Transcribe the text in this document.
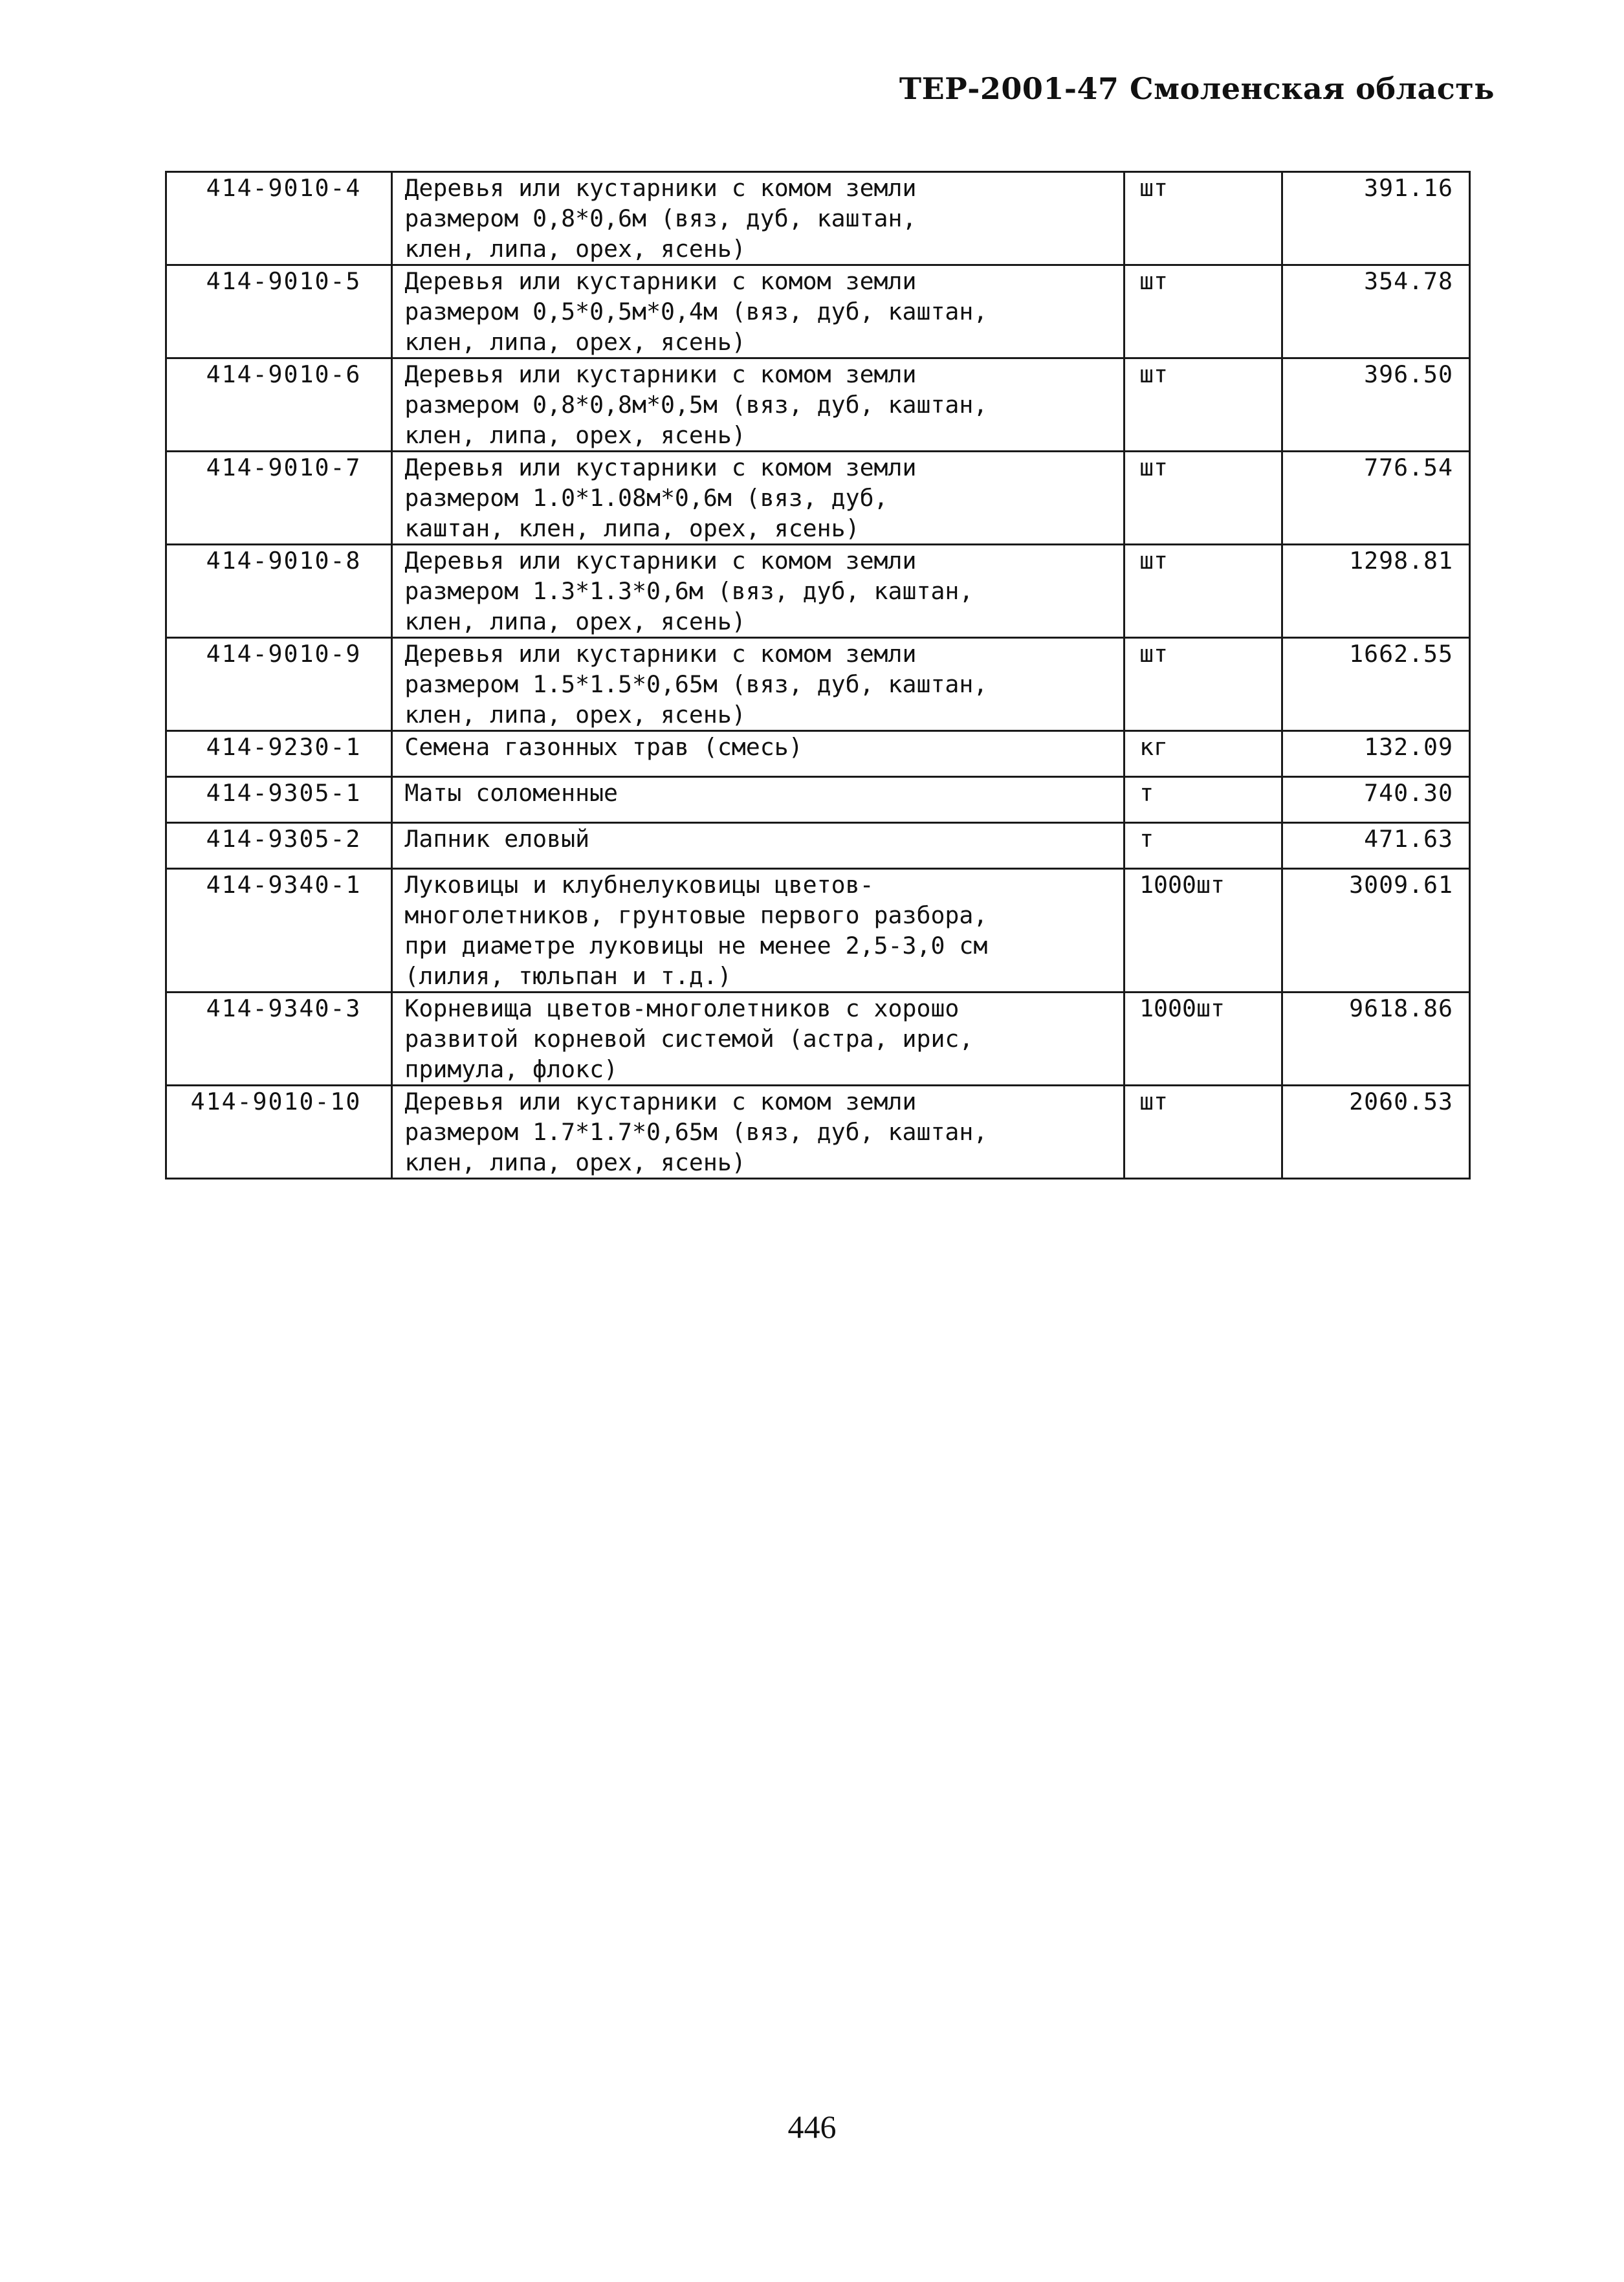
ТЕР-2001-47 Смоленская область
414-9010-4	Деревья или кустарники с комом земли
размером 0,8*0,6м (вяз, дуб, каштан,
клен, липа, орех, ясень)	шт	391.16
414-9010-5	Деревья или кустарники с комом земли
размером 0,5*0,5м*0,4м (вяз, дуб, каштан,
клен, липа, орех, ясень)	шт	354.78
414-9010-6	Деревья или кустарники с комом земли
размером 0,8*0,8м*0,5м (вяз, дуб, каштан,
клен, липа, орех, ясень)	шт	396.50
414-9010-7	Деревья или кустарники с комом земли
размером 1.0*1.08м*0,6м (вяз, дуб,
каштан, клен, липа, орех, ясень)	шт	776.54
414-9010-8	Деревья или кустарники с комом земли
размером 1.3*1.3*0,6м (вяз, дуб, каштан,
клен, липа, орех, ясень)	шт	1298.81
414-9010-9	Деревья или кустарники с комом земли
размером 1.5*1.5*0,65м (вяз, дуб, каштан,
клен, липа, орех, ясень)	шт	1662.55
414-9230-1	Семена газонных трав (смесь)	кг	132.09
414-9305-1	Маты соломенные	т	740.30
414-9305-2	Лапник еловый	т	471.63
414-9340-1	Луковицы и клубнелуковицы цветов-
многолетников, грунтовые первого разбора,
при диаметре луковицы не менее 2,5-3,0 см
(лилия, тюльпан и т.д.)	1000шт	3009.61
414-9340-3	Корневища цветов-многолетников с хорошо
развитой корневой системой (астра, ирис,
примула, флокс)	1000шт	9618.86
414-9010-10	Деревья или кустарники с комом земли
размером 1.7*1.7*0,65м (вяз, дуб, каштан,
клен, липа, орех, ясень)	шт	2060.53
446
